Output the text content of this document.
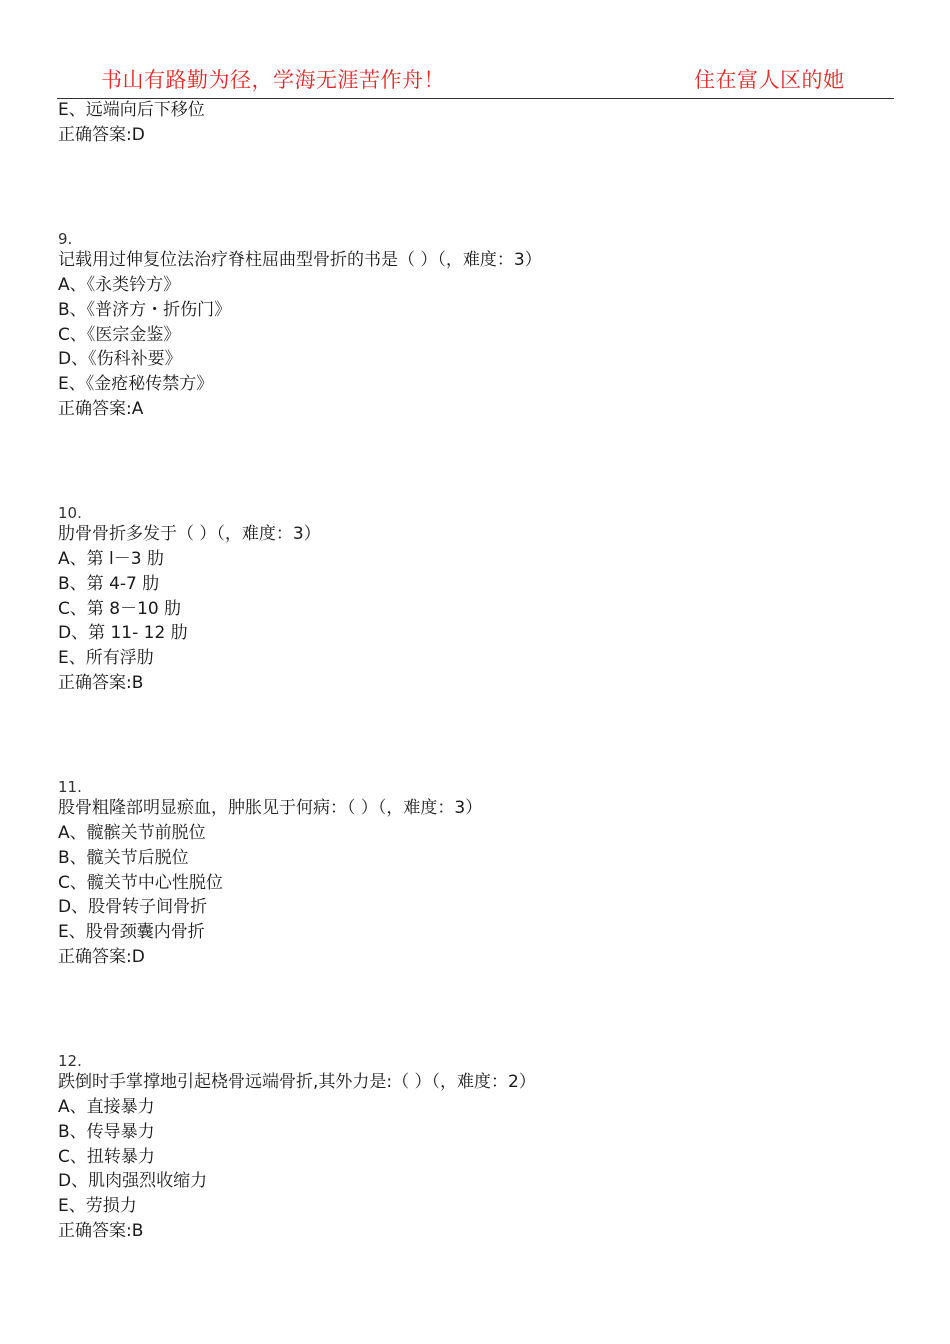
书山有路勤为径，学海无涯苦作舟！	住在富人区的她
E、远端向后下移位
正确答案:D
9.
记载用过伸复位法治疗脊柱屈曲型骨折的书是（ ）（，难度：3）
A、《永类钤方》
B、《普济方・折伤门》
C、《医宗金鉴》
D、《伤科补要》
E、《金疮秘传禁方》
正确答案:A
10.
肋骨骨折多发于（ ）（，难度：3）
A、第 l－3 肋
B、第 4-7 肋
C、第 8－10 肋
D、第 11- 12 肋
E、所有浮肋
正确答案:B
11.
股骨粗隆部明显瘀血，肿胀见于何病：（ ）（，难度：3）
A、髋髌关节前脱位
B、髋关节后脱位
C、髋关节中心性脱位
D、股骨转子间骨折
E、股骨颈囊内骨折
正确答案:D
12.
跌倒时手掌撑地引起桡骨远端骨折,其外力是:（ ）（，难度：2）
A、直接暴力
B、传导暴力
C、扭转暴力
D、肌肉强烈收缩力
E、劳损力
正确答案:B
